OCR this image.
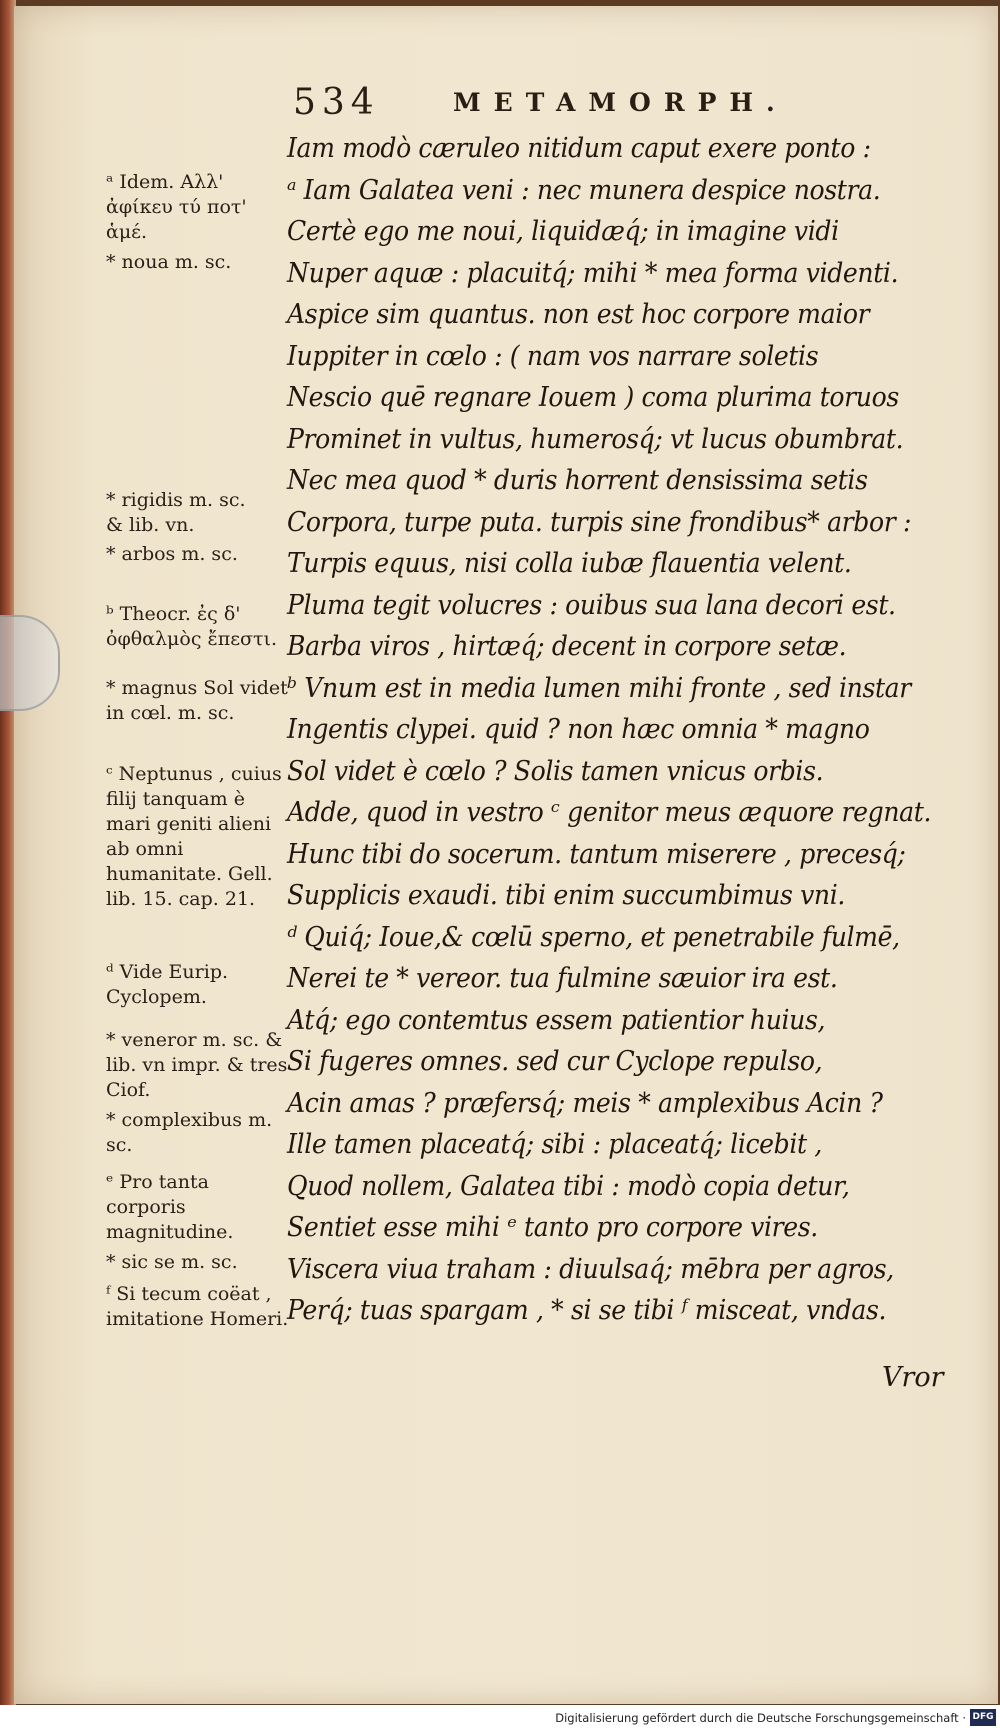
534	METAMORPH.
Iam modò cæruleo nitidum caput exere ponto :
ᵃ Iam Galatea veni : nec munera despice nostra.
Certè ego me noui, liquidæq́; in imagine vidi
Nuper aquæ : placuitq́; mihi * mea forma videnti.
Aspice sim quantus. non est hoc corpore maior
Iuppiter in cœlo : ( nam vos narrare soletis
Nescio quē regnare Iouem ) coma plurima toruos
Prominet in vultus, humerosq́; vt lucus obumbrat.
Nec mea quod * duris horrent densissima setis
Corpora, turpe puta. turpis sine frondibus* arbor :
Turpis equus, nisi colla iubæ flauentia velent.
Pluma tegit volucres : ouibus sua lana decori est.
Barba viros , hirtæq́; decent in corpore setæ.
ᵇ Vnum est in media lumen mihi fronte , sed instar
Ingentis clypei. quid ? non hæc omnia * magno
Sol videt è cœlo ? Solis tamen vnicus orbis.
Adde, quod in vestro ᶜ genitor meus æquore regnat.
Hunc tibi do socerum. tantum miserere , precesq́;
Supplicis exaudi. tibi enim succumbimus vni.
ᵈ Quiq́; Ioue,& cœlū sperno, et penetrabile fulmē,
Nerei te * vereor. tua fulmine sæuior ira est.
Atq́; ego contemtus essem patientior huius,
Si fugeres omnes. sed cur Cyclope repulso,
Acin amas ? præfersq́; meis * amplexibus Acin ?
Ille tamen placeatq́; sibi : placeatq́; licebit ,
Quod nollem, Galatea tibi : modò copia detur,
Sentiet esse mihi ᵉ tanto pro corpore vires.
Viscera viua traham : diuulsaq́; mēbra per agros,
Perq́; tuas spargam , * si se tibi ᶠ misceat, vndas.
ᵃ Idem. Αλλ' ἀφίκευ τύ ποτ' ἁμέ.
* noua m. sc.
* rigidis m. sc.
& lib. vn.
* arbos m. sc.
ᵇ Theocr. ἐς δ' ὀφθαλμὸς ἔπεστι.
* magnus Sol videt in cœl. m. sc.
ᶜ Neptunus , cuius filij tanquam è mari geniti alieni ab omni humanitate. Gell. lib. 15. cap. 21.
ᵈ Vide Eurip. Cyclopem.
* veneror m. sc. & lib. vn impr. & tres Ciof.
* complexibus m. sc.
ᵉ Pro tanta corporis magnitudine.
* sic se m. sc.
ᶠ Si tecum coëat , imitatione Homeri.
Vror
Digitalisierung gefördert durch die Deutsche Forschungsgemeinschaft · DFG
